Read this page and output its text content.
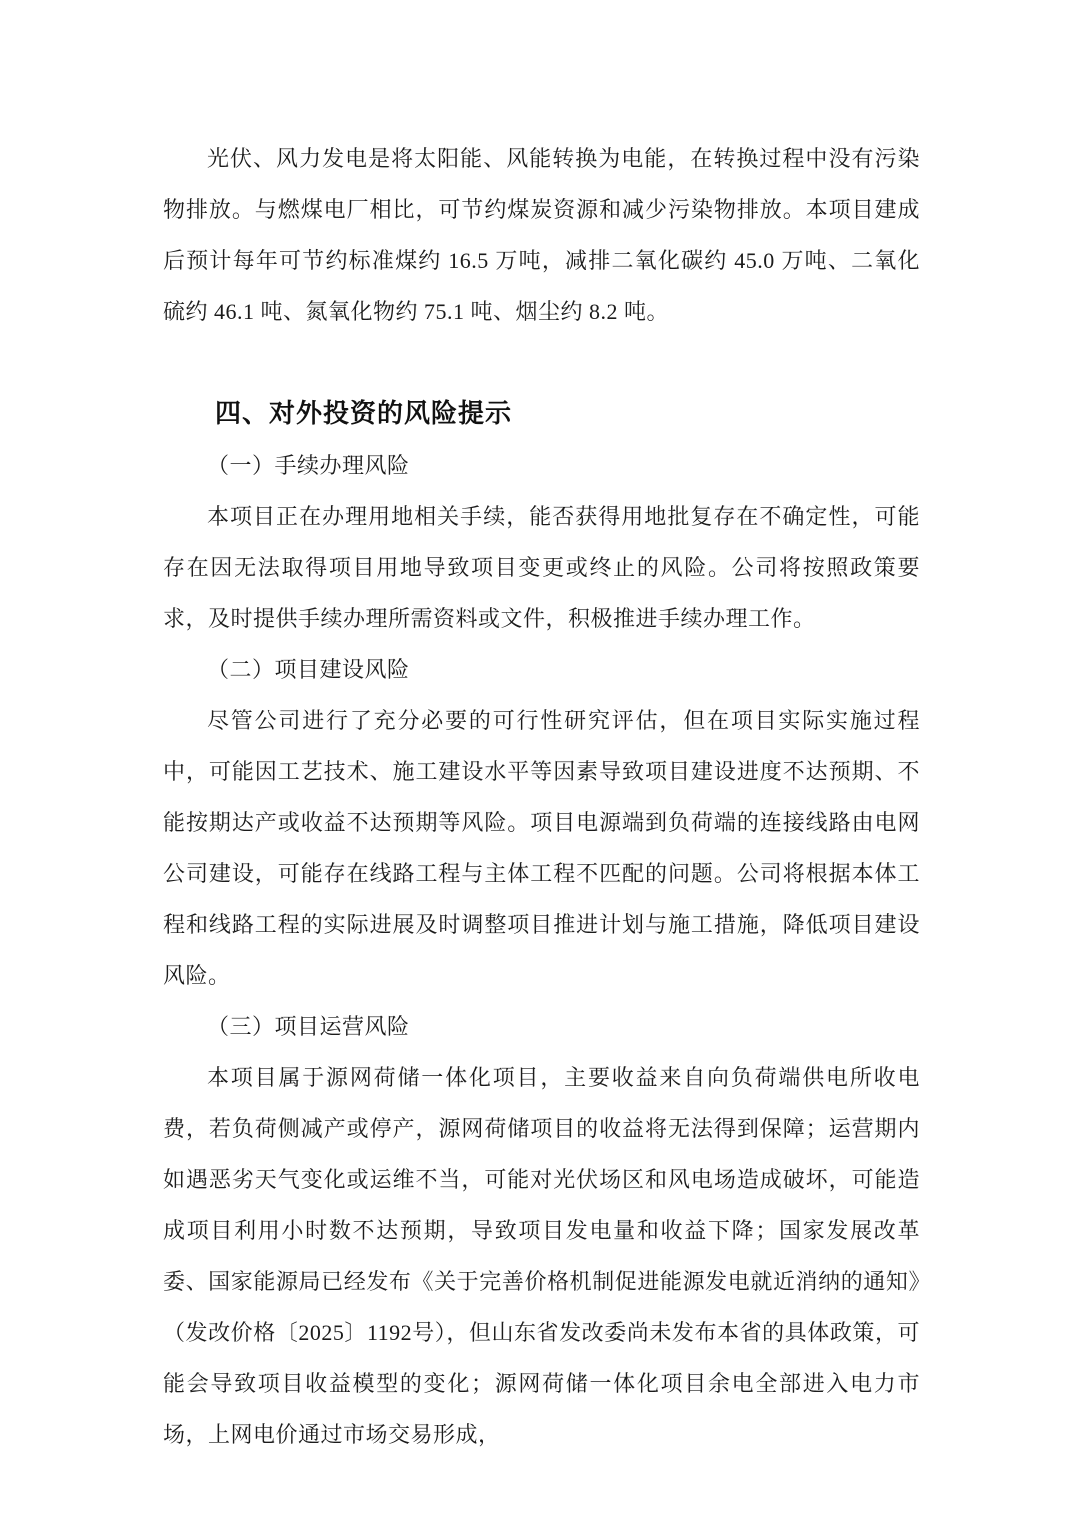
光伏、风力发电是将太阳能、风能转换为电能，在转换过程中没有污染物排放。与燃煤电厂相比，可节约煤炭资源和减少污染物排放。本项目建成后预计每年可节约标准煤约 16.5 万吨，减排二氧化碳约 45.0 万吨、二氧化硫约 46.1 吨、氮氧化物约 75.1 吨、烟尘约 8.2 吨。

四、对外投资的风险提示

（一）手续办理风险

本项目正在办理用地相关手续，能否获得用地批复存在不确定性，可能存在因无法取得项目用地导致项目变更或终止的风险。公司将按照政策要求，及时提供手续办理所需资料或文件，积极推进手续办理工作。

（二）项目建设风险

尽管公司进行了充分必要的可行性研究评估，但在项目实际实施过程中，可能因工艺技术、施工建设水平等因素导致项目建设进度不达预期、不能按期达产或收益不达预期等风险。项目电源端到负荷端的连接线路由电网公司建设，可能存在线路工程与主体工程不匹配的问题。公司将根据本体工程和线路工程的实际进展及时调整项目推进计划与施工措施，降低项目建设风险。

（三）项目运营风险

本项目属于源网荷储一体化项目，主要收益来自向负荷端供电所收电费，若负荷侧减产或停产，源网荷储项目的收益将无法得到保障；运营期内如遇恶劣天气变化或运维不当，可能对光伏场区和风电场造成破坏，可能造成项目利用小时数不达预期，导致项目发电量和收益下降；国家发展改革委、国家能源局已经发布《关于完善价格机制促进能源发电就近消纳的通知》（发改价格〔2025〕1192号），但山东省发改委尚未发布本省的具体政策，可能会导致项目收益模型的变化；源网荷储一体化项目余电全部进入电力市场，上网电价通过市场交易形成，
